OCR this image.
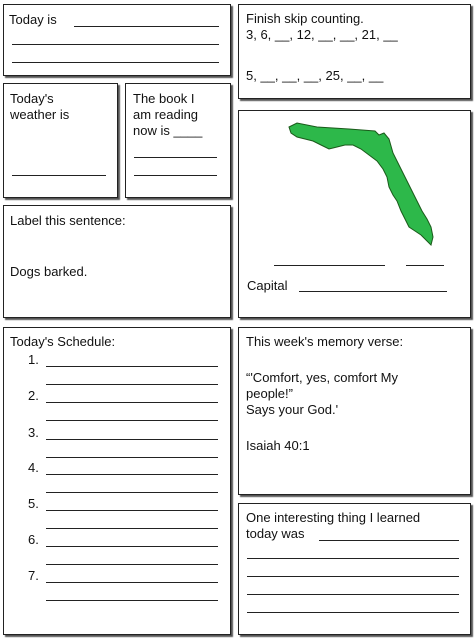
Today is	Finish skip counting.
3, 6, __, 12, __, __, 21, __
5, __, __, __, 25, __, __
Today's
weather is
The book I
am reading
now is ____
Capital
Label this sentence:
Dogs barked.
Today's Schedule:
1.
2.
3.
4.
5.
6.
7.
This week's memory verse:
“'Comfort, yes, comfort My
people!”
Says your God.'
Isaiah 40:1
One interesting thing I learned
today was
